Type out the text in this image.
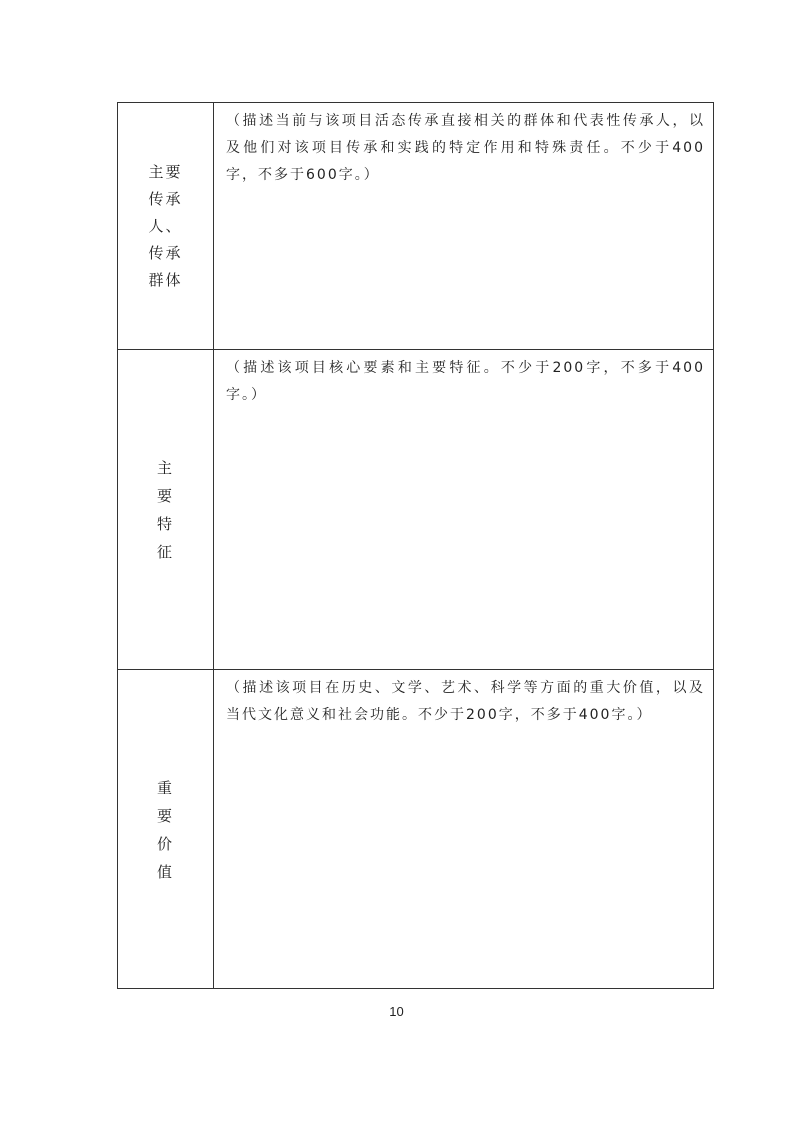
主要
传承
人、
传承
群体
（描述当前与该项目活态传承直接相关的群体和代表性传承人，以及他们对该项目传承和实践的特定作用和特殊责任。不少于400字，不多于600字。）
主
要
特
征
（描述该项目核心要素和主要特征。不少于200字，不多于400字。）
重
要
价
值
（描述该项目在历史、文学、艺术、科学等方面的重大价值，以及当代文化意义和社会功能。不少于200字，不多于400字。）
10
